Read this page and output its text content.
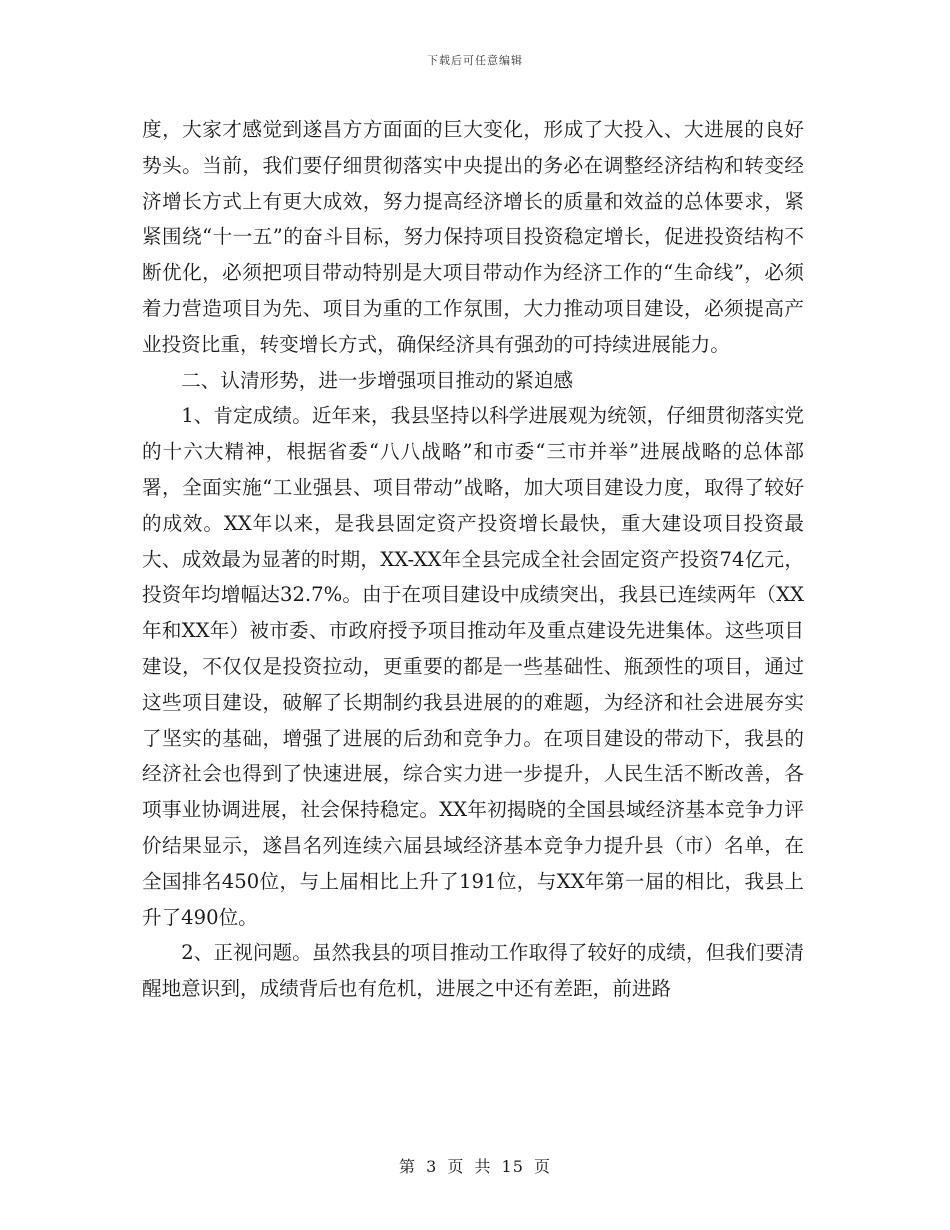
下载后可任意编辑

度，大家才感觉到遂昌方方面面的巨大变化，形成了大投入、大进展的良好势头。当前，我们要仔细贯彻落实中央提出的务必在调整经济结构和转变经济增长方式上有更大成效，努力提高经济增长的质量和效益的总体要求，紧紧围绕“十一五”的奋斗目标，努力保持项目投资稳定增长，促进投资结构不断优化，必须把项目带动特别是大项目带动作为经济工作的“生命线”，必须着力营造项目为先、项目为重的工作氛围，大力推动项目建设，必须提高产业投资比重，转变增长方式，确保经济具有强劲的可持续进展能力。

二、认清形势，进一步增强项目推动的紧迫感

1、肯定成绩。近年来，我县坚持以科学进展观为统领，仔细贯彻落实党的十六大精神，根据省委“八八战略”和市委“三市并举”进展战略的总体部署，全面实施“工业强县、项目带动”战略，加大项目建设力度，取得了较好的成效。XX年以来，是我县固定资产投资增长最快，重大建设项目投资最大、成效最为显著的时期，XX-XX年全县完成全社会固定资产投资74亿元，投资年均增幅达32.7%。由于在项目建设中成绩突出，我县已连续两年（XX年和XX年）被市委、市政府授予项目推动年及重点建设先进集体。这些项目建设，不仅仅是投资拉动，更重要的都是一些基础性、瓶颈性的项目，通过这些项目建设，破解了长期制约我县进展的的难题，为经济和社会进展夯实了坚实的基础，增强了进展的后劲和竞争力。在项目建设的带动下，我县的经济社会也得到了快速进展，综合实力进一步提升，人民生活不断改善，各项事业协调进展，社会保持稳定。XX年初揭晓的全国县域经济基本竞争力评价结果显示，遂昌名列连续六届县域经济基本竞争力提升县（市）名单，在全国排名450位，与上届相比上升了191位，与XX年第一届的相比，我县上升了490位。

2、正视问题。虽然我县的项目推动工作取得了较好的成绩，但我们要清醒地意识到，成绩背后也有危机，进展之中还有差距，前进路

第 3 页 共 15 页
